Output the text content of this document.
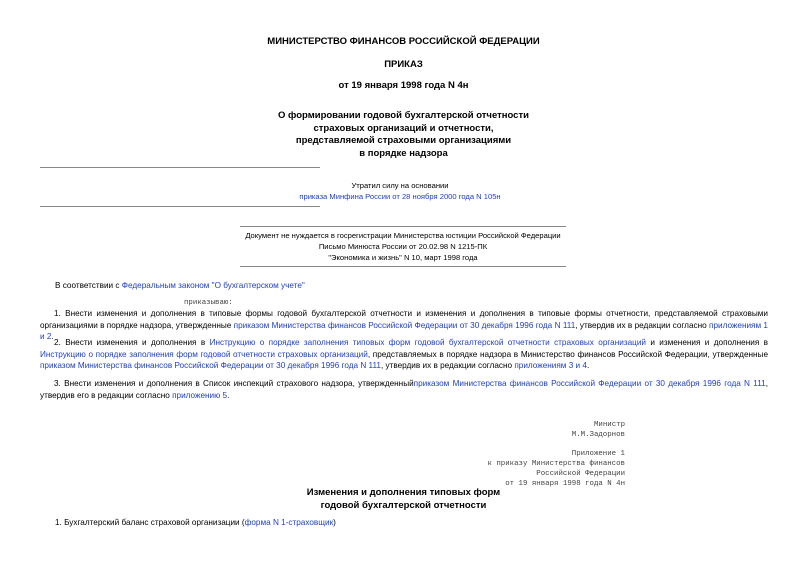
МИНИСТЕРСТВО ФИНАНСОВ РОССИЙСКОЙ ФЕДЕРАЦИИ
ПРИКАЗ
от 19 января 1998 года N 4н
О формировании годовой бухгалтерской отчетности
страховых организаций и отчетности,
представляемой страховыми организациями
в порядке надзора
Утратил силу на основании
приказа Минфина России от 28 ноября 2000 года N 105н
Документ не нуждается в госрегистрации Министерства юстиции Российской Федерации
Письмо Минюста России от 20.02.98 N 1215-ПК
"Экономика и жизнь" N 10, март 1998 года
В соответствии с Федеральным законом "О бухгалтерском учете"
приказываю:
1. Внести изменения и дополнения в типовые формы годовой бухгалтерской отчетности и изменения и дополнения в типовые формы отчетности, представляемой страховыми организациями в порядке надзора, утвержденные приказом Министерства финансов Российской Федерации от 30 декабря 1996 года N 111, утвердив их в редакции согласно приложениям 1 и 2.
2. Внести изменения и дополнения в Инструкцию о порядке заполнения типовых форм годовой бухгалтерской отчетности страховых организаций и изменения и дополнения в Инструкцию о порядке заполнения форм годовой отчетности страховых организаций, представляемых в порядке надзора в Министерство финансов Российской Федерации, утвержденные приказом Министерства финансов Российской Федерации от 30 декабря 1996 года N 111, утвердив их в редакции согласно приложениям 3 и 4.
3. Внести изменения и дополнения в Список инспекций страхового надзора, утвержденныйприказом Министерства финансов Российской Федерации от 30 декабря 1996 года N 111, утвердив его в редакции согласно приложению 5.
Министр
М.М.Задорнов
Приложение 1
к приказу Министерства финансов
Российской Федерации
от 19 января 1998 года N 4н
Изменения и дополнения типовых форм
годовой бухгалтерской отчетности
1. Бухгалтерский баланс страховой организации (форма N 1-страховщик)
